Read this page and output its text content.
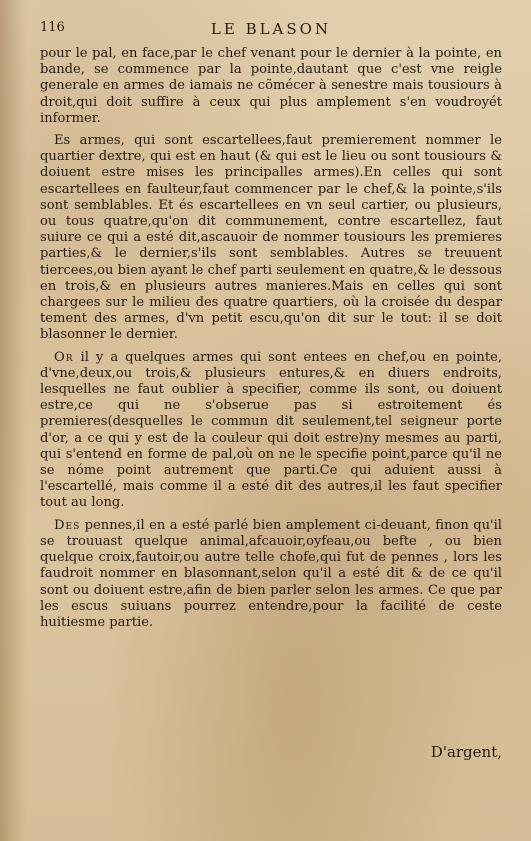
116	LE BLASON

pour le pal, en face,par le chef venant pour le dernier à la pointe, en bande, se commence par la pointe,dautant que c'est vne reigle generale en armes de iamais ne cõmécer à senestre mais tousiours à droit,qui doit suffire à ceux qui plus amplement s'en voudroyét informer.

Es armes, qui sont escartellees,faut premierement nommer le quartier dextre, qui est en haut (& qui est le lieu ou sont tousiours & doiuent estre mises les principalles armes).En celles qui sont escartellees en faulteur,faut commencer par le chef,& la pointe,s'ils sont semblables. Et és escartellees en vn seul cartier, ou plusieurs, ou tous quatre,qu'on dit communement, contre escartellez, faut suiure ce qui a esté dit,ascauoir de nommer tousiours les premieres parties,& le dernier,s'ils sont semblables. Autres se treuuent tiercees,ou bien ayant le chef parti seulement en quatre,& le dessous en trois,& en plusieurs autres manieres.Mais en celles qui sont chargees sur le milieu des quatre quartiers, où la croisée du despar tement des armes, d'vn petit escu,qu'on dit sur le tout: il se doit blasonner le dernier.

Or il y a quelques armes qui sont entees en chef,ou en pointe, d'vne,deux,ou trois,& plusieurs entures,& en diuers endroits, lesquelles ne faut oublier à specifier, comme ils sont, ou doiuent estre,ce qui ne s'obserue pas si estroitement és premieres(desquelles le commun dit seulement,tel seigneur porte d'or, a ce qui y est de la couleur qui doit estre)ny mesmes au parti, qui s'entend en forme de pal,où on ne le specifie point,parce qu'il ne se nóme point autrement que parti.Ce qui aduient aussi à l'escartellé, mais comme il a esté dit des autres,il les faut specifier tout au long.

Des pennes,il en a esté parlé bien amplement ci-deuant, finon qu'il se trouuast quelque animal,afcauoir,oyfeau,ou befte , ou bien quelque croix,fautoir,ou autre telle chofe,qui fut de pennes , lors les faudroit nommer en blasonnant,selon qu'il a esté dit & de ce qu'il sont ou doiuent estre,afin de bien parler selon les armes. Ce que par les escus suiuans pourrez entendre,pour la facilité de ceste huitiesme partie.

D'argent,
